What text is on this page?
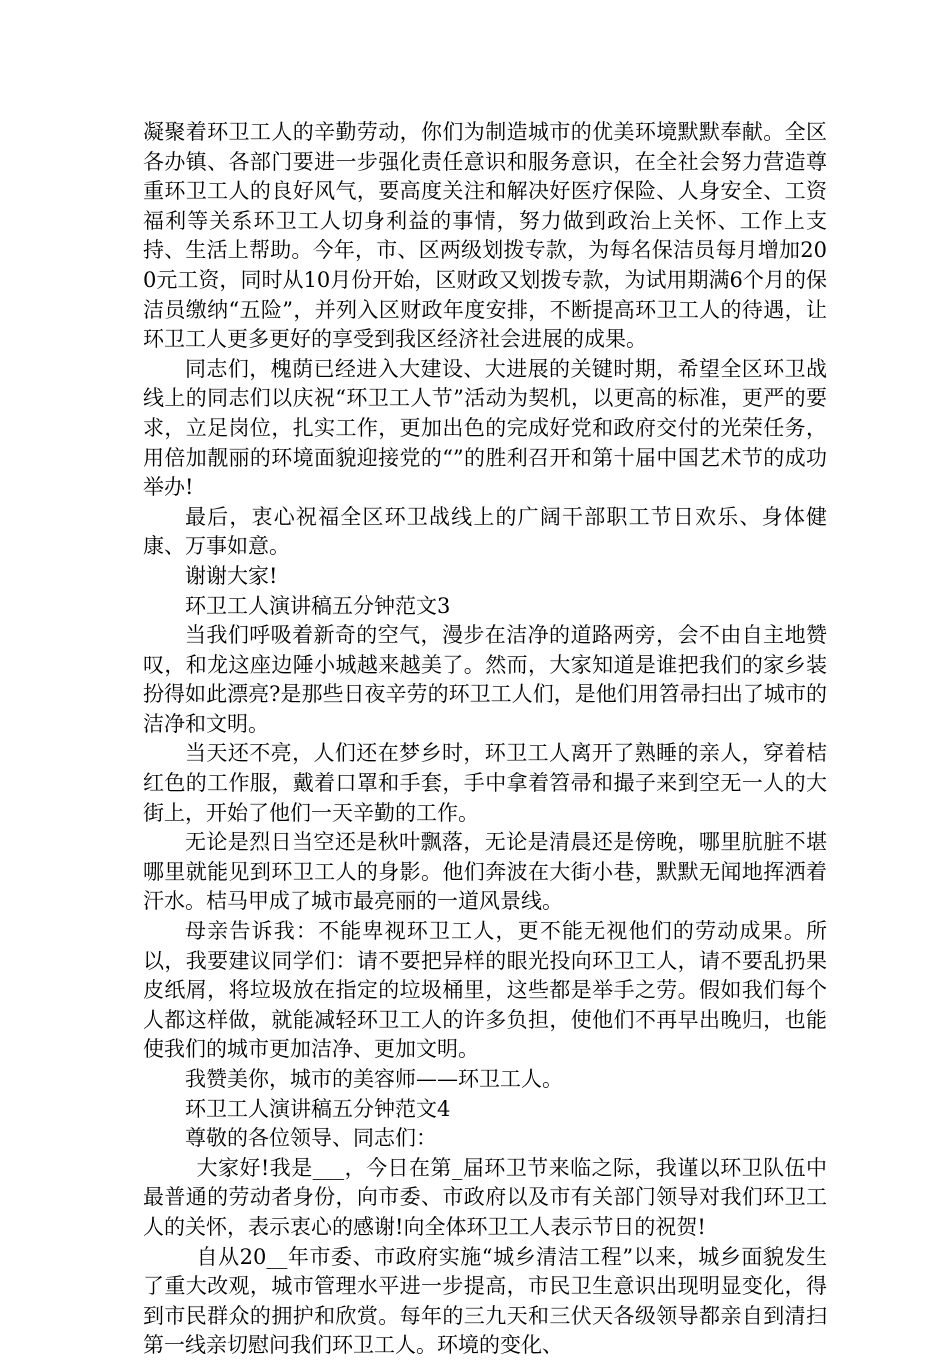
凝聚着环卫工人的辛勤劳动，你们为制造城市的优美环境默默奉献。全区各办镇、各部门要进一步强化责任意识和服务意识，在全社会努力营造尊重环卫工人的良好风气，要高度关注和解决好医疗保险、人身安全、工资福利等关系环卫工人切身利益的事情，努力做到政治上关怀、工作上支持、生活上帮助。今年，市、区两级划拨专款，为每名保洁员每月增加200元工资，同时从10月份开始，区财政又划拨专款，为试用期满6个月的保洁员缴纳“五险”，并列入区财政年度安排，不断提高环卫工人的待遇，让环卫工人更多更好的享受到我区经济社会进展的成果。

同志们，槐荫已经进入大建设、大进展的关键时期，希望全区环卫战线上的同志们以庆祝“环卫工人节”活动为契机，以更高的标准，更严的要求，立足岗位，扎实工作，更加出色的完成好党和政府交付的光荣任务，用倍加靓丽的环境面貌迎接党的“”的胜利召开和第十届中国艺术节的成功举办!

最后，衷心祝福全区环卫战线上的广阔干部职工节日欢乐、身体健康、万事如意。

谢谢大家!

环卫工人演讲稿五分钟范文3

当我们呼吸着新奇的空气，漫步在洁净的道路两旁，会不由自主地赞叹，和龙这座边陲小城越来越美了。然而，大家知道是谁把我们的家乡装扮得如此漂亮?是那些日夜辛劳的环卫工人们，是他们用笤帚扫出了城市的洁净和文明。

当天还不亮，人们还在梦乡时，环卫工人离开了熟睡的亲人，穿着桔红色的工作服，戴着口罩和手套，手中拿着笤帚和撮子来到空无一人的大街上，开始了他们一天辛勤的工作。

无论是烈日当空还是秋叶飘落，无论是清晨还是傍晚，哪里肮脏不堪哪里就能见到环卫工人的身影。他们奔波在大街小巷，默默无闻地挥洒着汗水。桔马甲成了城市最亮丽的一道风景线。

母亲告诉我：不能卑视环卫工人，更不能无视他们的劳动成果。所以，我要建议同学们：请不要把异样的眼光投向环卫工人，请不要乱扔果皮纸屑，将垃圾放在指定的垃圾桶里，这些都是举手之劳。假如我们每个人都这样做，就能减轻环卫工人的许多负担，使他们不再早出晚归，也能使我们的城市更加洁净、更加文明。

我赞美你，城市的美容师——环卫工人。

环卫工人演讲稿五分钟范文4

尊敬的各位领导、同志们：

大家好!我是___，今日在第_届环卫节来临之际，我谨以环卫队伍中最普通的劳动者身份，向市委、市政府以及市有关部门领导对我们环卫工人的关怀，表示衷心的感谢!向全体环卫工人表示节日的祝贺!

自从20__年市委、市政府实施“城乡清洁工程”以来，城乡面貌发生了重大改观，城市管理水平进一步提高，市民卫生意识出现明显变化，得到市民群众的拥护和欣赏。每年的三九天和三伏天各级领导都亲自到清扫第一线亲切慰问我们环卫工人。环境的变化、
